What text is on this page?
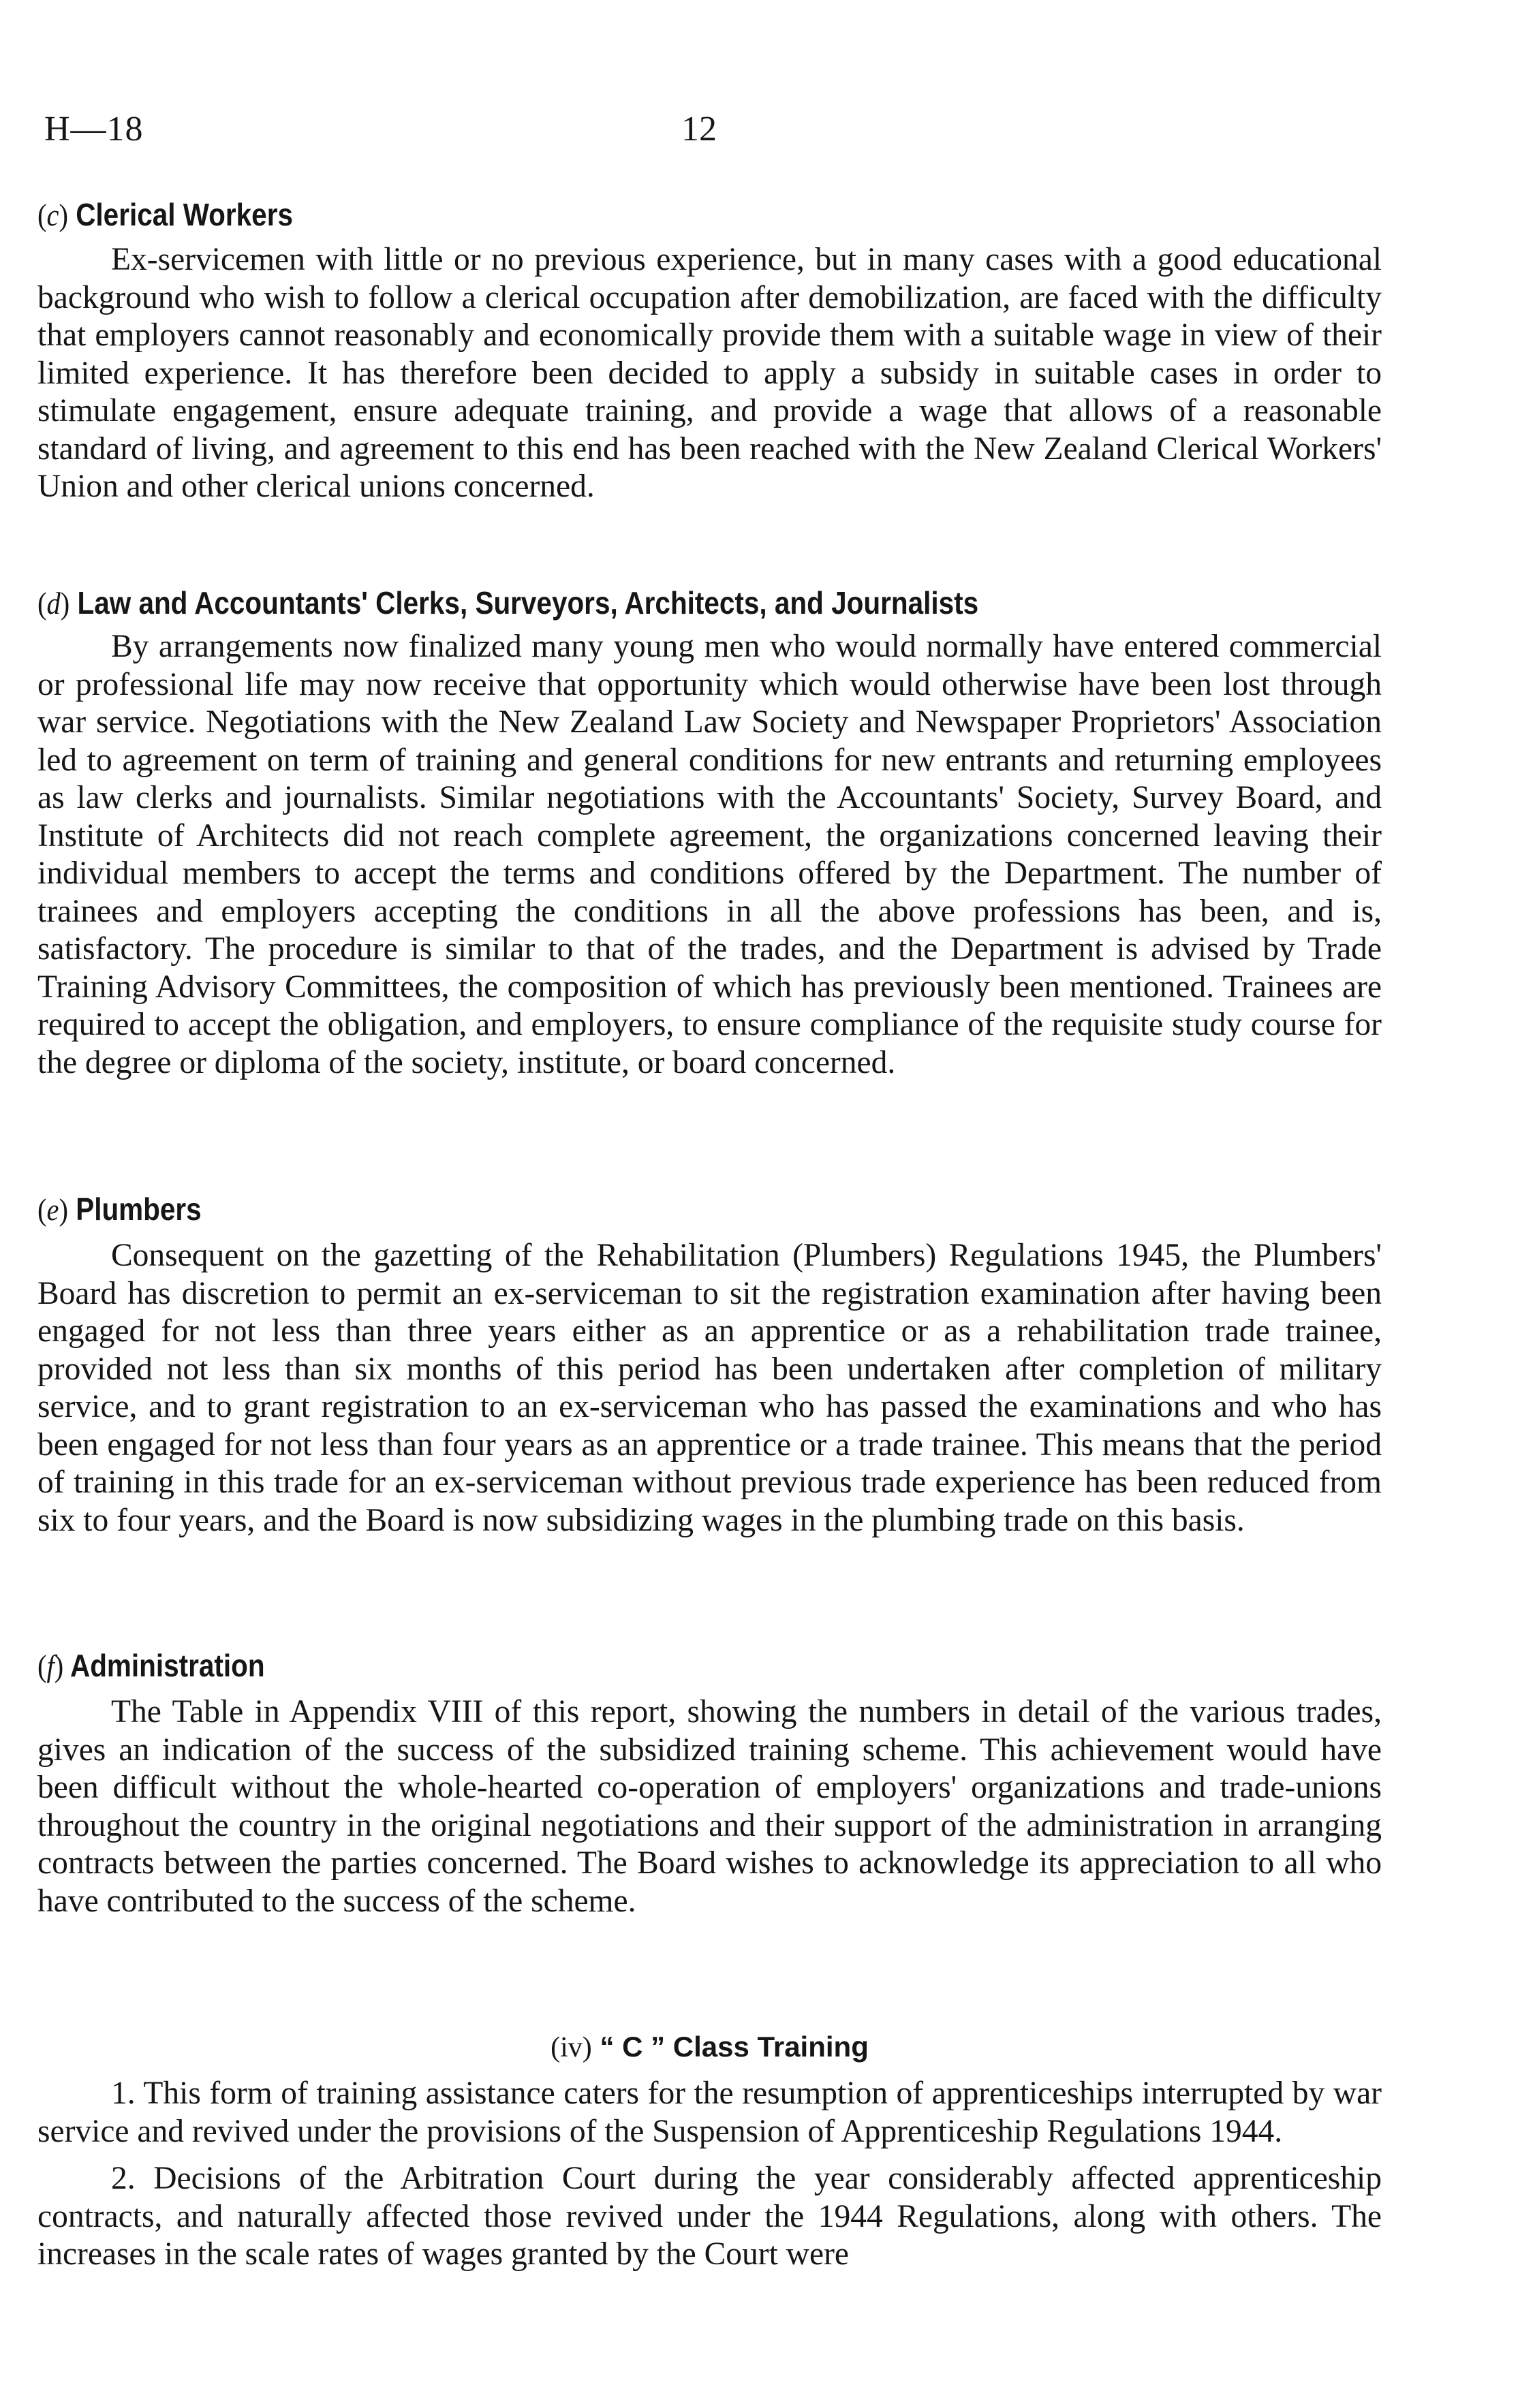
H—18	12
(c) Clerical Workers

Ex-servicemen with little or no previous experience, but in many cases with a good educational background who wish to follow a clerical occupation after demobilization, are faced with the difficulty that employers cannot reasonably and economically provide them with a suitable wage in view of their limited experience. It has therefore been decided to apply a subsidy in suitable cases in order to stimulate engagement, ensure adequate training, and provide a wage that allows of a reasonable standard of living, and agreement to this end has been reached with the New Zealand Clerical Workers' Union and other clerical unions concerned.

(d) Law and Accountants' Clerks, Surveyors, Architects, and Journalists

By arrangements now finalized many young men who would normally have entered commercial or professional life may now receive that opportunity which would otherwise have been lost through war service. Negotiations with the New Zealand Law Society and Newspaper Proprietors' Association led to agreement on term of training and general conditions for new entrants and returning employees as law clerks and journalists. Similar negotiations with the Accountants' Society, Survey Board, and Institute of Architects did not reach complete agreement, the organizations concerned leaving their individual members to accept the terms and conditions offered by the Department. The number of trainees and employers accepting the conditions in all the above professions has been, and is, satisfactory. The procedure is similar to that of the trades, and the Department is advised by Trade Training Advisory Committees, the composition of which has previously been mentioned. Trainees are required to accept the obligation, and employers, to ensure compliance of the requisite study course for the degree or diploma of the society, institute, or board concerned.

(e) Plumbers

Consequent on the gazetting of the Rehabilitation (Plumbers) Regulations 1945, the Plumbers' Board has discretion to permit an ex-serviceman to sit the registration examination after having been engaged for not less than three years either as an apprentice or as a rehabilitation trade trainee, provided not less than six months of this period has been undertaken after completion of military service, and to grant registration to an ex-serviceman who has passed the examinations and who has been engaged for not less than four years as an apprentice or a trade trainee. This means that the period of training in this trade for an ex-serviceman without previous trade experience has been reduced from six to four years, and the Board is now subsidizing wages in the plumbing trade on this basis.

(f) Administration

The Table in Appendix VIII of this report, showing the numbers in detail of the various trades, gives an indication of the success of the subsidized training scheme. This achievement would have been difficult without the whole-hearted co-operation of employers' organizations and trade-unions throughout the country in the original negotiations and their support of the administration in arranging contracts between the parties concerned. The Board wishes to acknowledge its appreciation to all who have contributed to the success of the scheme.

(iv) “ C ” Class Training

1. This form of training assistance caters for the resumption of apprenticeships interrupted by war service and revived under the provisions of the Suspension of Apprenticeship Regulations 1944.

2. Decisions of the Arbitration Court during the year considerably affected apprenticeship contracts, and naturally affected those revived under the 1944 Regulations, along with others. The increases in the scale rates of wages granted by the Court were
